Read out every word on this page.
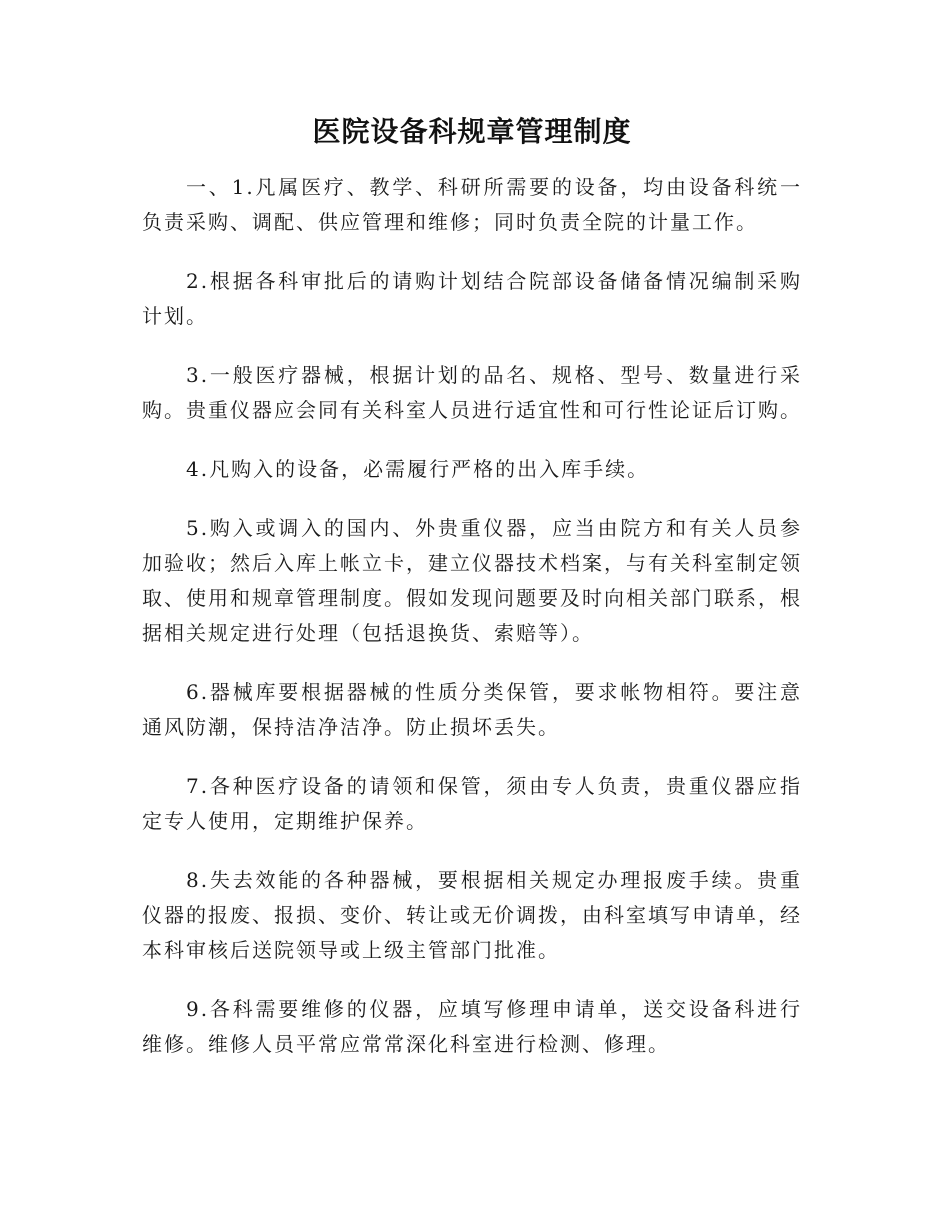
医院设备科规章管理制度

一、1.凡属医疗、教学、科研所需要的设备，均由设备科统一负责采购、调配、供应管理和维修；同时负责全院的计量工作。

2.根据各科审批后的请购计划结合院部设备储备情况编制采购计划。

3.一般医疗器械，根据计划的品名、规格、型号、数量进行采购。贵重仪器应会同有关科室人员进行适宜性和可行性论证后订购。

4.凡购入的设备，必需履行严格的出入库手续。

5.购入或调入的国内、外贵重仪器，应当由院方和有关人员参加验收；然后入库上帐立卡，建立仪器技术档案，与有关科室制定领取、使用和规章管理制度。假如发现问题要及时向相关部门联系，根据相关规定进行处理（包括退换货、索赔等）。

6.器械库要根据器械的性质分类保管，要求帐物相符。要注意通风防潮，保持洁净洁净。防止损坏丢失。

7.各种医疗设备的请领和保管，须由专人负责，贵重仪器应指定专人使用，定期维护保养。

8.失去效能的各种器械，要根据相关规定办理报废手续。贵重仪器的报废、报损、变价、转让或无价调拨，由科室填写申请单，经本科审核后送院领导或上级主管部门批准。

9.各科需要维修的仪器，应填写修理申请单，送交设备科进行维修。维修人员平常应常常深化科室进行检测、修理。
